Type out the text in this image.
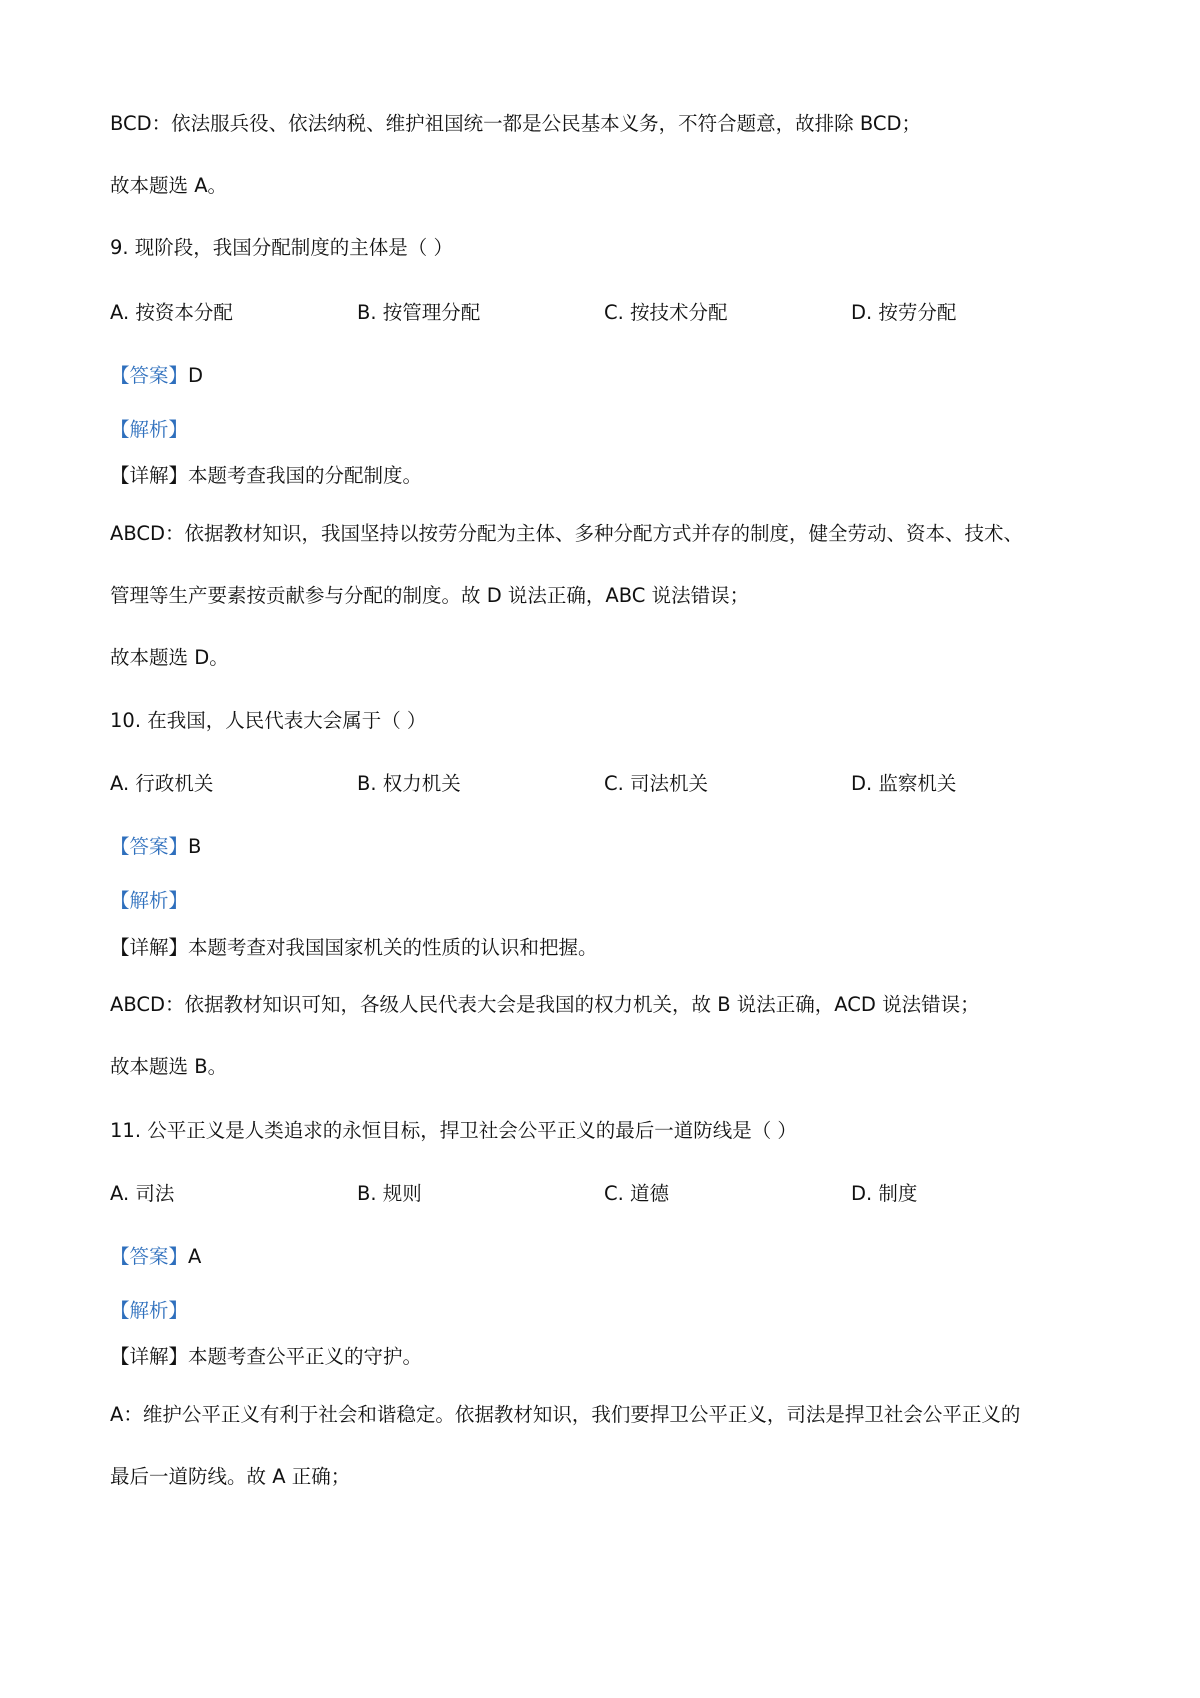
BCD：依法服兵役、依法纳税、维护祖国统一都是公民基本义务，不符合题意，故排除 BCD；
故本题选 A。
9. 现阶段，我国分配制度的主体是（ ）
A. 按资本分配	B. 按管理分配	C. 按技术分配	D. 按劳分配
【答案】D
【解析】
【详解】本题考查我国的分配制度。
ABCD：依据教材知识，我国坚持以按劳分配为主体、多种分配方式并存的制度，健全劳动、资本、技术、
管理等生产要素按贡献参与分配的制度。故 D 说法正确，ABC 说法错误；
故本题选 D。
10. 在我国，人民代表大会属于（ ）
A. 行政机关	B. 权力机关	C. 司法机关	D. 监察机关
【答案】B
【解析】
【详解】本题考查对我国国家机关的性质的认识和把握。
ABCD：依据教材知识可知，各级人民代表大会是我国的权力机关，故 B 说法正确，ACD 说法错误；
故本题选 B。
11. 公平正义是人类追求的永恒目标，捍卫社会公平正义的最后一道防线是（ ）
A. 司法	B. 规则	C. 道德	D. 制度
【答案】A
【解析】
【详解】本题考查公平正义的守护。
A：维护公平正义有利于社会和谐稳定。依据教材知识，我们要捍卫公平正义，司法是捍卫社会公平正义的
最后一道防线。故 A 正确；
